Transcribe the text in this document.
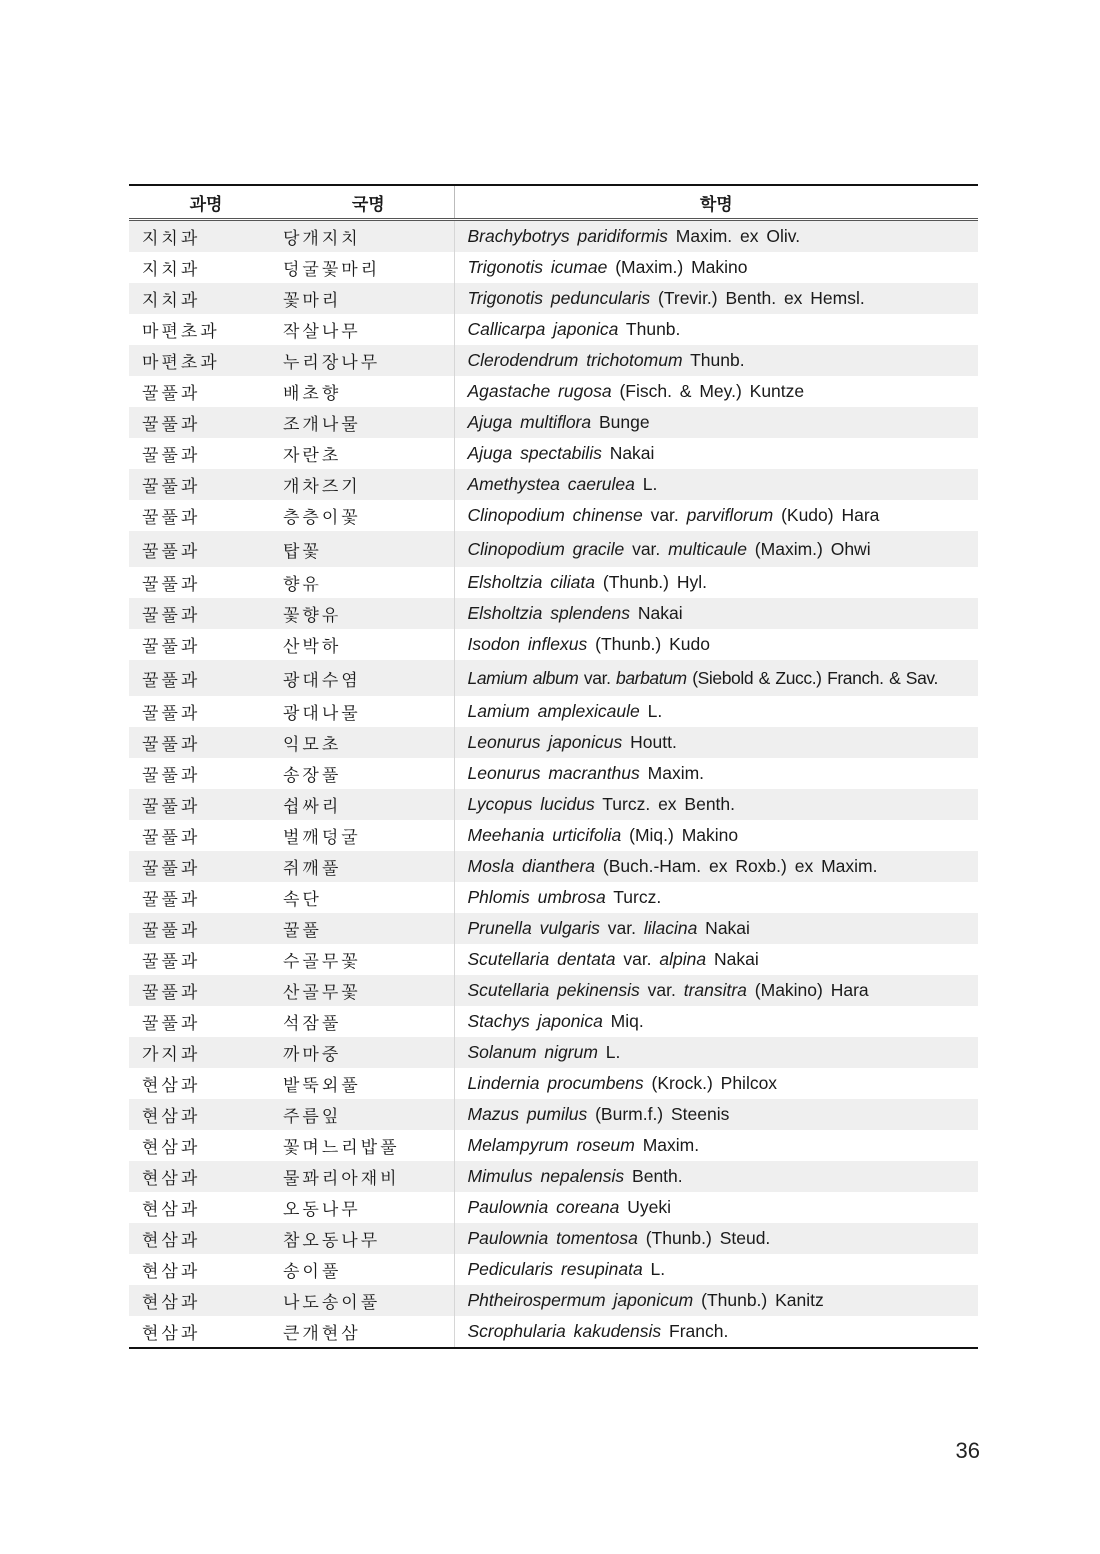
과명	국명	학명
지치과	당개지치	Brachybotrys paridiformis Maxim. ex Oliv.
지치과	덩굴꽃마리	Trigonotis icumae (Maxim.) Makino
지치과	꽃마리	Trigonotis peduncularis (Trevir.) Benth. ex Hemsl.
마편초과	작살나무	Callicarpa japonica Thunb.
마편초과	누리장나무	Clerodendrum trichotomum Thunb.
꿀풀과	배초향	Agastache rugosa (Fisch. & Mey.) Kuntze
꿀풀과	조개나물	Ajuga multiflora Bunge
꿀풀과	자란초	Ajuga spectabilis Nakai
꿀풀과	개차즈기	Amethystea caerulea L.
꿀풀과	층층이꽃	Clinopodium chinense var. parviflorum (Kudo) Hara
꿀풀과	탑꽃	Clinopodium gracile var. multicaule (Maxim.) Ohwi
꿀풀과	향유	Elsholtzia ciliata (Thunb.) Hyl.
꿀풀과	꽃향유	Elsholtzia splendens Nakai
꿀풀과	산박하	Isodon inflexus (Thunb.) Kudo
꿀풀과	광대수염	Lamium album var. barbatum (Siebold & Zucc.) Franch. & Sav.
꿀풀과	광대나물	Lamium amplexicaule L.
꿀풀과	익모초	Leonurus japonicus Houtt.
꿀풀과	송장풀	Leonurus macranthus Maxim.
꿀풀과	쉽싸리	Lycopus lucidus Turcz. ex Benth.
꿀풀과	벌깨덩굴	Meehania urticifolia (Miq.) Makino
꿀풀과	쥐깨풀	Mosla dianthera (Buch.-Ham. ex Roxb.) ex Maxim.
꿀풀과	속단	Phlomis umbrosa Turcz.
꿀풀과	꿀풀	Prunella vulgaris var. lilacina Nakai
꿀풀과	수골무꽃	Scutellaria dentata var. alpina Nakai
꿀풀과	산골무꽃	Scutellaria pekinensis var. transitra (Makino) Hara
꿀풀과	석잠풀	Stachys japonica Miq.
가지과	까마중	Solanum nigrum L.
현삼과	밭뚝외풀	Lindernia procumbens (Krock.) Philcox
현삼과	주름잎	Mazus pumilus (Burm.f.) Steenis
현삼과	꽃며느리밥풀	Melampyrum roseum Maxim.
현삼과	물꽈리아재비	Mimulus nepalensis Benth.
현삼과	오동나무	Paulownia coreana Uyeki
현삼과	참오동나무	Paulownia tomentosa (Thunb.) Steud.
현삼과	송이풀	Pedicularis resupinata L.
현삼과	나도송이풀	Phtheirospermum japonicum (Thunb.) Kanitz
현삼과	큰개현삼	Scrophularia kakudensis Franch.
36
